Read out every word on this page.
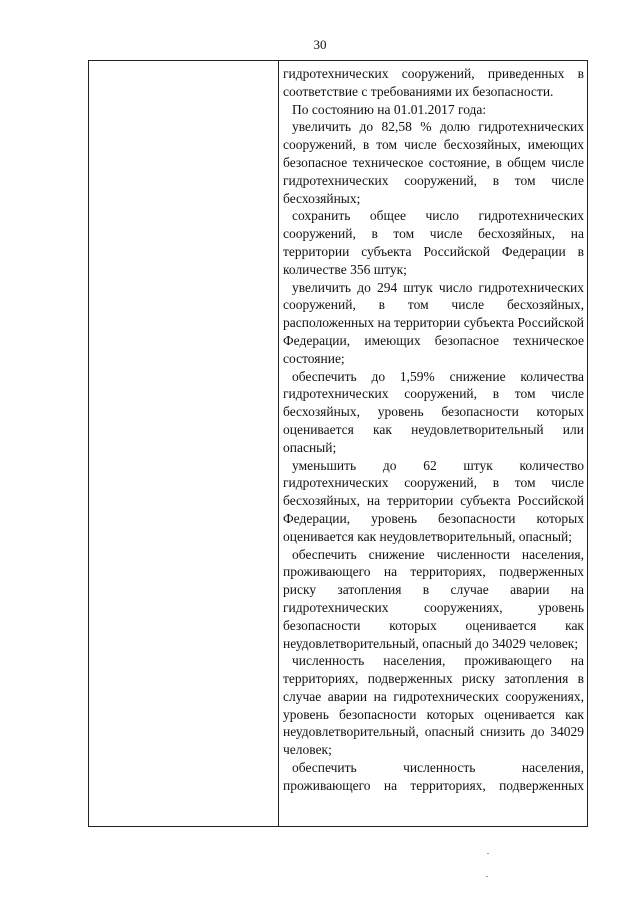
30

гидротехнических сооружений, приведенных в соответствие с требованиями их безопасности.

По состоянию на 01.01.2017 года:

увеличить до 82,58 % долю гидротехнических сооружений, в том числе бесхозяйных, имеющих безопасное техническое состояние, в общем числе гидротехнических сооружений, в том числе бесхозяйных;

сохранить общее число гидротехнических сооружений, в том числе бесхозяйных, на территории субъекта Российской Федерации в количестве 356 штук;

увеличить до 294 штук число гидротехнических сооружений, в том числе бесхозяйных, расположенных на территории субъекта Российской Федерации, имеющих безопасное техническое состояние;

обеспечить до 1,59% снижение количества гидротехнических сооружений, в том числе бесхозяйных, уровень безопасности которых оценивается как неудовлетворительный или опасный;

уменьшить до 62 штук количество гидротехнических сооружений, в том числе бесхозяйных, на территории субъекта Российской Федерации, уровень безопасности которых оценивается как неудовлетворительный, опасный;

обеспечить снижение численности населения, проживающего на территориях, подверженных риску затопления в случае аварии на гидротехнических сооружениях, уровень безопасности которых оценивается как неудовлетворительный, опасный до 34029 человек;

численность населения, проживающего на территориях, подверженных риску затопления в случае аварии на гидротехнических сооружениях, уровень безопасности которых оценивается как неудовлетворительный, опасный снизить до 34029 человек;

обеспечить численность населения, проживающего на территориях, подверженных
